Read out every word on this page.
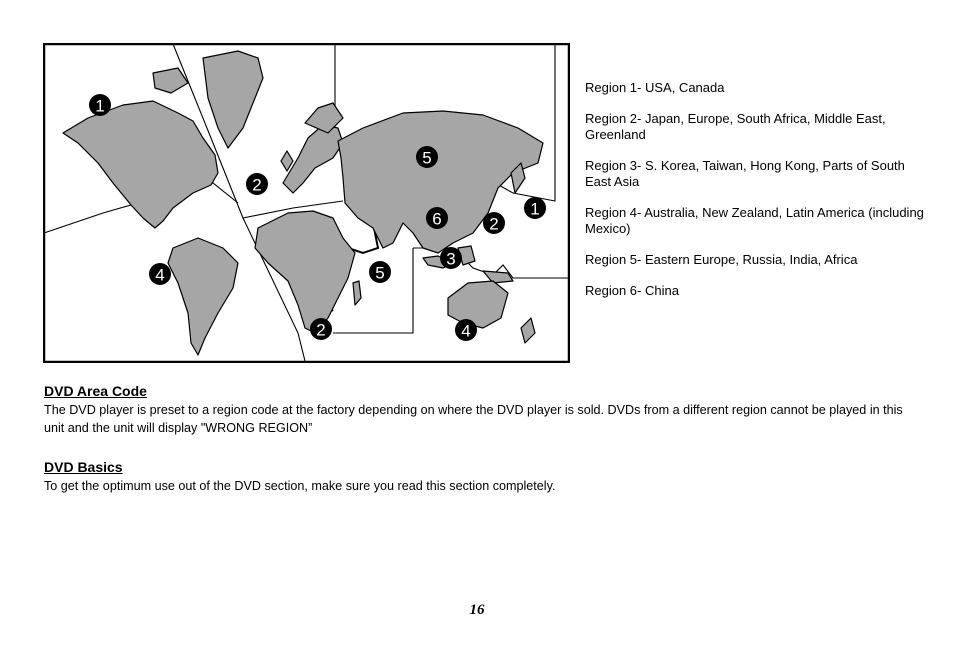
1
2
4
2
5
6	2
1
3
5
4
Region 1- USA, Canada
Region 2- Japan, Europe, South Africa, Middle East, Greenland
Region 3- S. Korea, Taiwan, Hong Kong, Parts of South East Asia
Region 4- Australia, New Zealand, Latin America (including Mexico)
Region 5- Eastern Europe, Russia, India, Africa
Region 6- China
DVD Area Code

The DVD player is preset to a region code at the factory depending on where the DVD player is sold. DVDs from a different region cannot be played in this unit and the unit will display "WRONG REGION”

DVD Basics

To get the optimum use out of the DVD section, make sure you read this section completely.

16
